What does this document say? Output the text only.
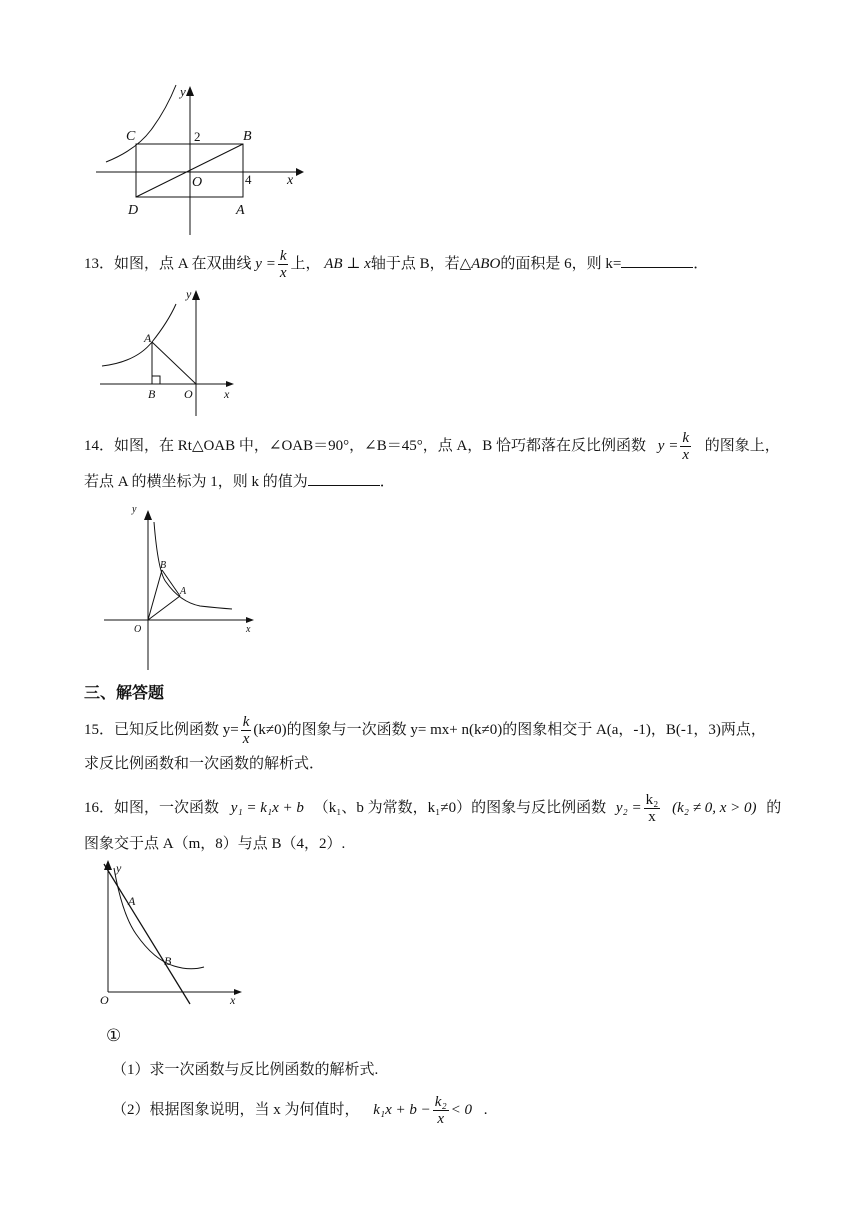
y
x
C	B
D	A
O
2
4
13．如图，点 A 在双曲线 $y = \frac{k}{x}$ 上， AB ⊥ x轴于点 B，若△ABO的面积是 6，则 k=	．
y
A
B O	x
14．如图，在 Rt△OAB 中，∠OAB＝90°，∠B＝45°，点 A，B 恰巧都落在反比例函数 $y = \frac{k}{x}$ 的图象上，
若点 A 的横坐标为 1，则 k 的值为	．
y
B
A
O	x
三、解答题
15．已知反比例函数 $y= \frac{k}{x} (k\ne 0)$的图象与一次函数 y= mx+ n(k≠0)的图象相交于 A(a，-1)，B(-1，3)两点，
求反比例函数和一次函数的解析式．
16．如图，一次函数 y₁ = k₁x + b （k₁、b 为常数，k₁≠0）的图象与反比例函数 $y_2 = \frac{\text{k₂}}{x} (k_2 \ne 0$, x > 0) 的
图象交于点 A（m，8）与点 B（4，2）.
y
A
B
O	x
①
（1）求一次函数与反比例函数的解析式.
（2）根据图象说明，当 x 为何值时， $k_1x + b - \frac{\text{k₂}}{x} < 0$ .
